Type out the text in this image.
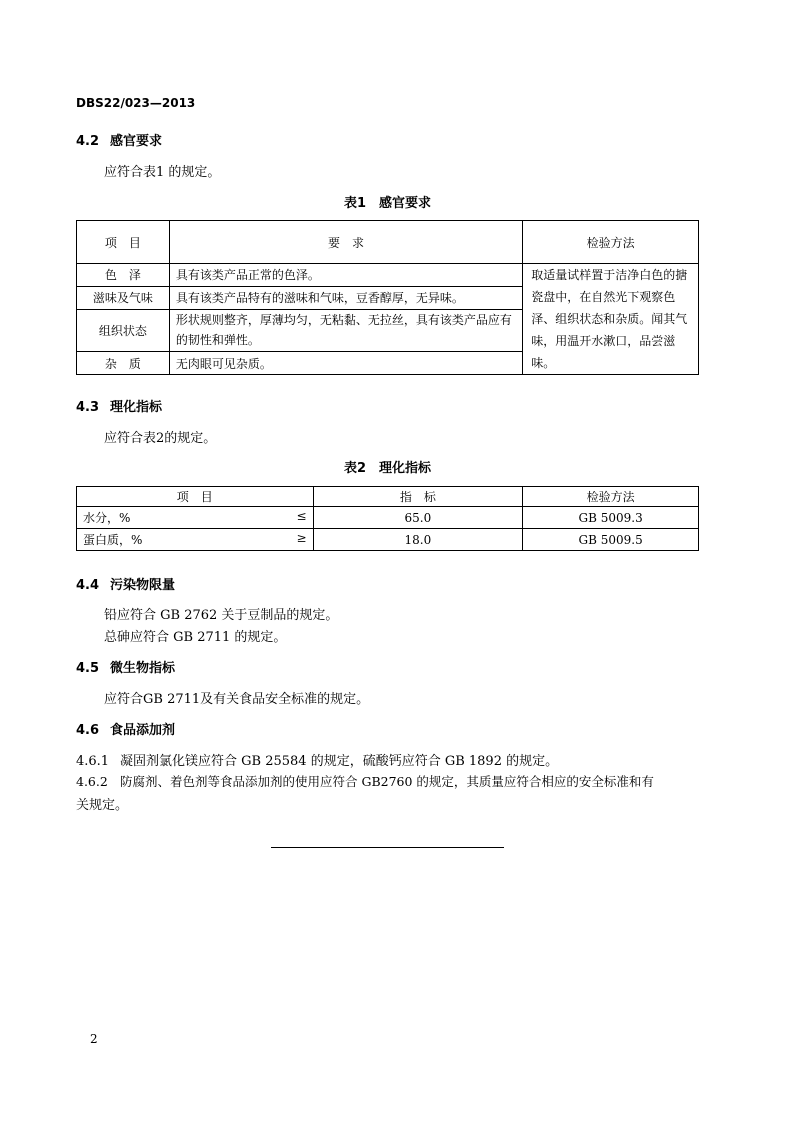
DBS22/023—2013
4.2 感官要求
应符合表1 的规定。
表1　感官要求
项　目	要　求	检验方法
色　泽	具有该类产品正常的色泽。	取适量试样置于洁净白色的搪瓷盘中，在自然光下观察色泽、组织状态和杂质。闻其气味，用温开水漱口，品尝滋味。
滋味及气味	具有该类产品特有的滋味和气味，豆香醇厚，无异味。	
组织状态	形状规则整齐，厚薄均匀，无粘黏、无拉丝，具有该类产品应有的韧性和弹性。	
杂　质	无肉眼可见杂质。	
4.3 理化指标
应符合表2的规定。
表2　理化指标
项　目	指　标	检验方法
水分，% ≤	65.0	GB 5009.3
蛋白质，% ≥	18.0	GB 5009.5
4.4 污染物限量
铅应符合 GB 2762 关于豆制品的规定。
总砷应符合 GB 2711 的规定。
4.5 微生物指标
应符合GB 2711及有关食品安全标准的规定。
4.6 食品添加剂
4.6.1 凝固剂氯化镁应符合 GB 25584 的规定，硫酸钙应符合 GB 1892 的规定。
4.6.2 防腐剂、着色剂等食品添加剂的使用应符合 GB2760 的规定，其质量应符合相应的安全标准和有
关规定。
2
